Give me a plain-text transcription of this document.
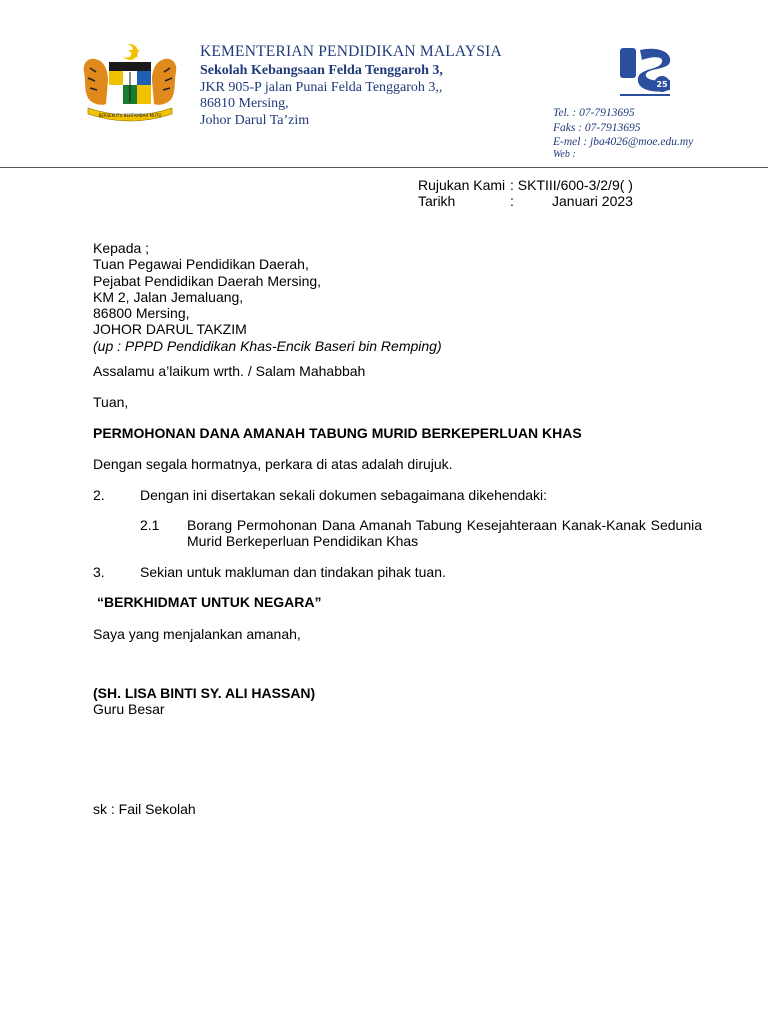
BERSEKUTU BERTAMBAH MUTU
KEMENTERIAN PENDIDIKAN MALAYSIA
Sekolah Kebangsaan Felda Tenggaroh 3,
JKR 905-P jalan Punai Felda Tenggaroh 3,,
86810 Mersing,
Johor Darul Ta’zim
25
Tel. : 07-7913695
Faks : 07-7913695
E-mel : jba4026@moe.edu.my
Web :
Rujukan Kami : SKTIII/600-3/2/9( )
Tarikh	:	Januari 2023
Kepada ;
Tuan Pegawai Pendidikan Daerah,
Pejabat Pendidikan Daerah Mersing,
KM 2, Jalan Jemaluang,
86800 Mersing,
JOHOR DARUL TAKZIM
(up : PPPD Pendidikan Khas-Encik Baseri bin Remping)
Assalamu a’laikum wrth. / Salam Mahabbah
Tuan,
PERMOHONAN DANA AMANAH TABUNG MURID BERKEPERLUAN KHAS
Dengan segala hormatnya, perkara di atas adalah dirujuk.
2.	Dengan ini disertakan sekali dokumen sebagaimana dikehendaki:
2.1 Borang Permohonan Dana Amanah Tabung Kesejahteraan Kanak-Kanak Sedunia Murid Berkeperluan Pendidikan Khas
3.	Sekian untuk makluman dan tindakan pihak tuan.
“BERKHIDMAT UNTUK NEGARA”
Saya yang menjalankan amanah,
(SH. LISA BINTI SY. ALI HASSAN)
Guru Besar
sk : Fail Sekolah
